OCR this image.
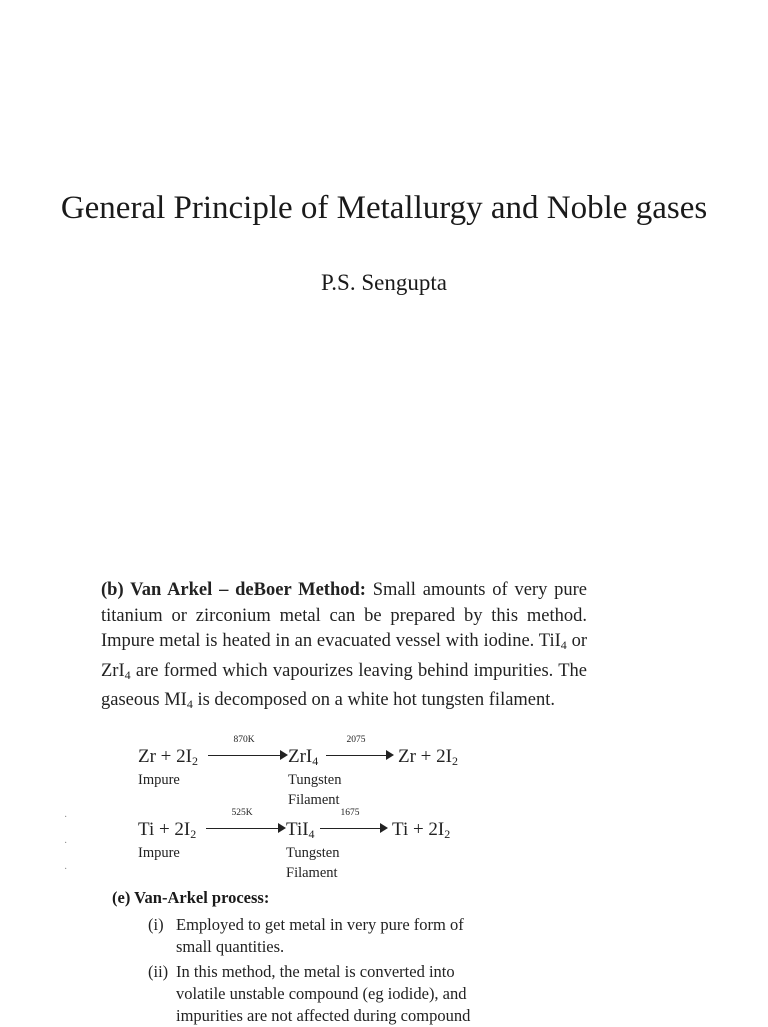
General Principle of Metallurgy and Noble gases

P.S. Sengupta

(b) Van Arkel – deBoer Method: Small amounts of very pure titanium or zirconium metal can be prepared by this method. Impure metal is heated in an evacuated vessel with iodine. TiI$_4$ or ZrI$_4$ are formed which vapourizes leaving behind impurities. The gaseous $MI_4$ is decomposed on a white hot tungsten filament.

$Zr + 2I_2$
870K
ZrI$_4$
2075
$Zr + 2I_2$
Impure	Tungsten
Filament
$Ti + 2I_2$
525K
TiI$_4$
1675
$Ti + 2I_2$
Impure	Tungsten
Filament
·
·
·

(e) Van-Arkel process:

(i) Employed to get metal in very pure form of small quantities.
(ii) In this method, the metal is converted into volatile unstable compound (eg iodide), and impurities are not affected during compound
